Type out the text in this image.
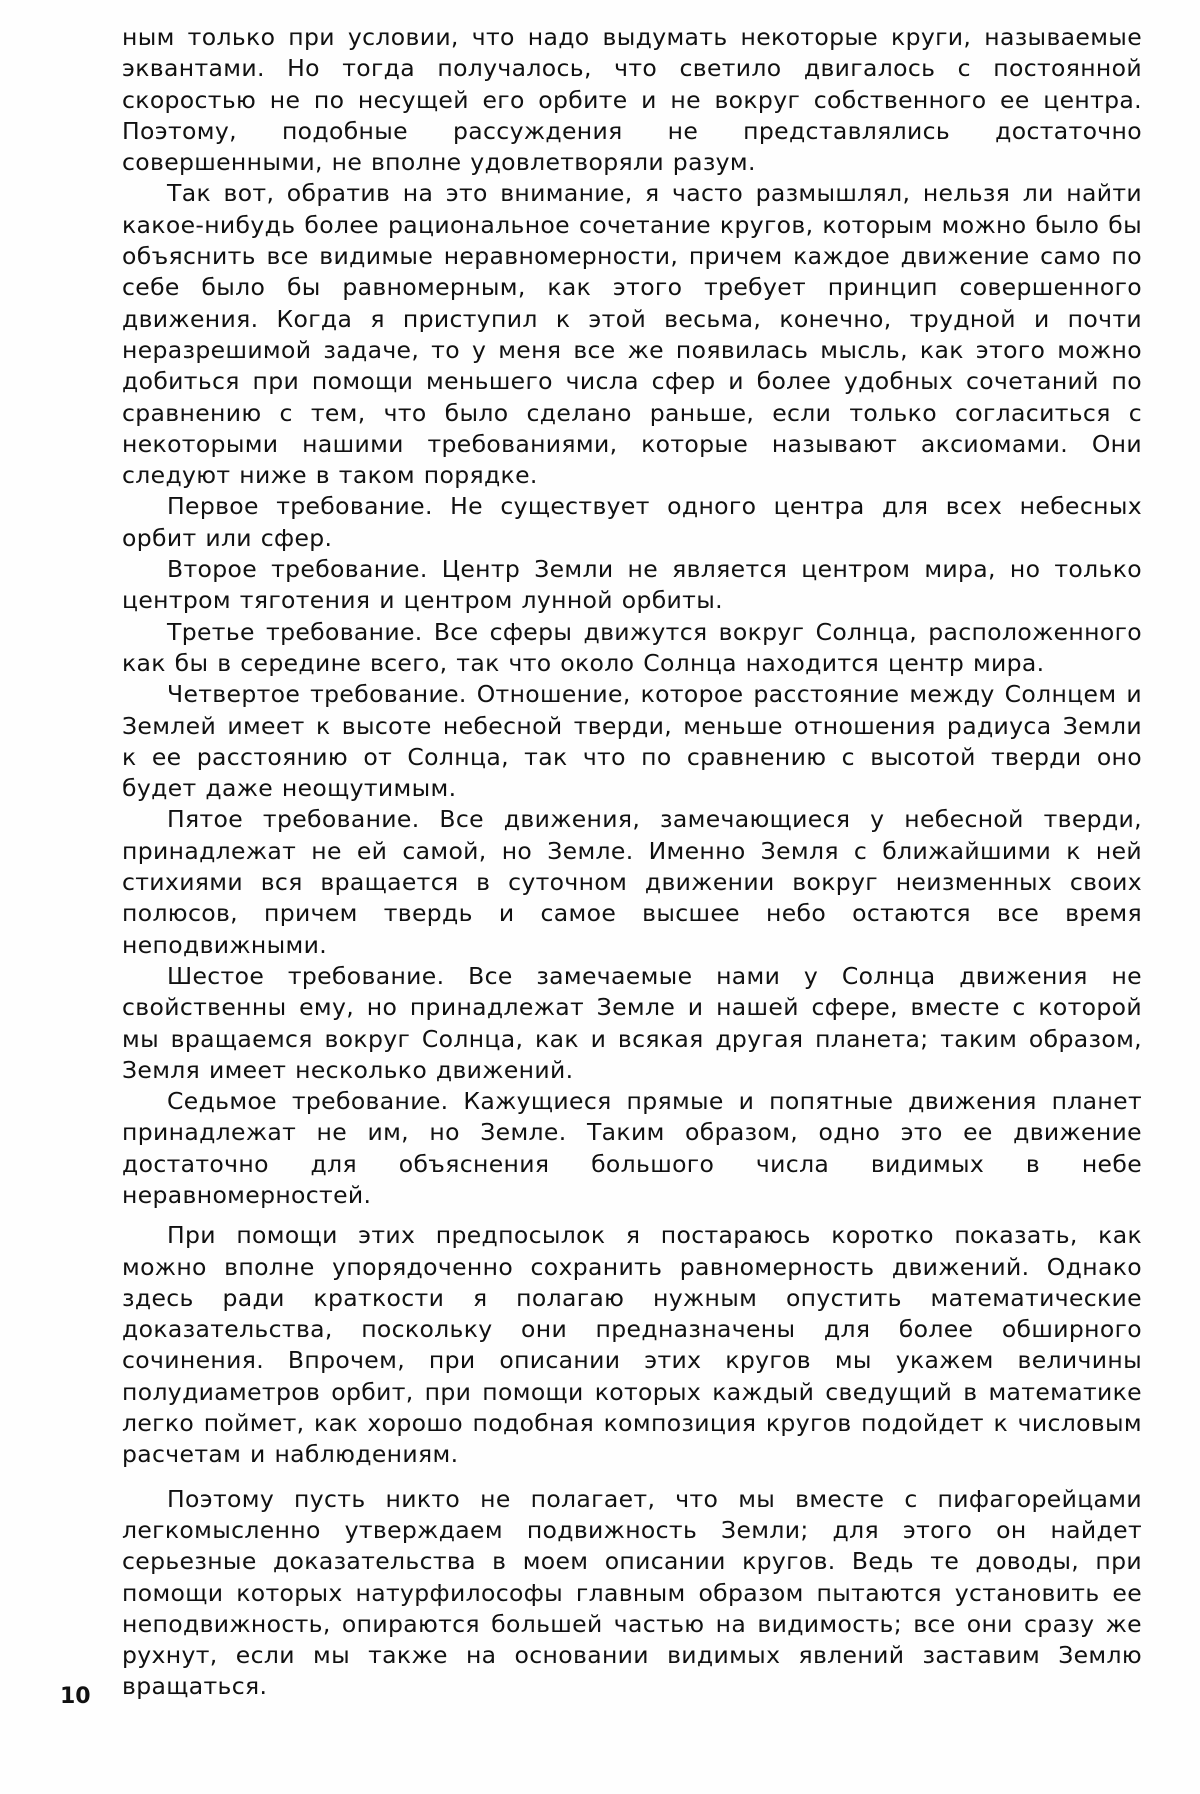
ным только при условии, что надо выдумать некоторые круги, называемые эквантами. Но тогда получалось, что светило двигалось с постоянной скоростью не по несущей его орбите и не вокруг собственного ее центра. Поэтому, подобные рассуждения не представлялись достаточно совершенными, не вполне удовлетворяли разум.

Так вот, обратив на это внимание, я часто размышлял, нельзя ли найти какое-нибудь более рациональное сочетание кругов, которым можно было бы объяснить все видимые неравномерности, причем каждое движение само по себе было бы равномерным, как этого требует принцип совершенного движения. Когда я приступил к этой весьма, конечно, трудной и почти неразрешимой задаче, то у меня все же появилась мысль, как этого можно добиться при помощи меньшего числа сфер и более удобных сочетаний по сравнению с тем, что было сделано раньше, если только согласиться с некоторыми нашими требованиями, которые называют аксиомами. Они следуют ниже в таком порядке.

Первое требование. Не существует одного центра для всех небесных орбит или сфер.

Второе требование. Центр Земли не является центром мира, но только центром тяготения и центром лунной орбиты.

Третье требование. Все сферы движутся вокруг Солнца, расположенного как бы в середине всего, так что около Солнца находится центр мира.

Четвертое требование. Отношение, которое расстояние между Солнцем и Землей имеет к высоте небесной тверди, меньше отношения радиуса Земли к ее расстоянию от Солнца, так что по сравнению с высотой тверди оно будет даже неощутимым.

Пятое требование. Все движения, замечающиеся у небесной тверди, принадлежат не ей самой, но Земле. Именно Земля с ближайшими к ней стихиями вся вращается в суточном движении вокруг неизменных своих полюсов, причем твердь и самое высшее небо остаются все время неподвижными.

Шестое требование. Все замечаемые нами у Солнца движения не свойственны ему, но принадлежат Земле и нашей сфере, вместе с которой мы вращаемся вокруг Солнца, как и всякая другая планета; таким образом, Земля имеет несколько движений.

Седьмое требование. Кажущиеся прямые и попятные движения планет принадлежат не им, но Земле. Таким образом, одно это ее движение достаточно для объяснения большого числа видимых в небе неравномерностей.

При помощи этих предпосылок я постараюсь коротко показать, как можно вполне упорядоченно сохранить равномерность движений. Однако здесь ради краткости я полагаю нужным опустить математические доказательства, поскольку они предназначены для более обширного сочинения. Впрочем, при описании этих кругов мы укажем величины полудиаметров орбит, при помощи которых каждый сведущий в математике легко поймет, как хорошо подобная композиция кругов подойдет к числовым расчетам и наблюдениям.

Поэтому пусть никто не полагает, что мы вместе с пифагорейцами легкомысленно утверждаем подвижность Земли; для этого он найдет серьезные доказательства в моем описании кругов. Ведь те доводы, при помощи которых натурфилософы главным образом пытаются установить ее неподвижность, опираются большей частью на видимость; все они сразу же рухнут, если мы также на основании видимых явлений заставим Землю вращаться.

10
